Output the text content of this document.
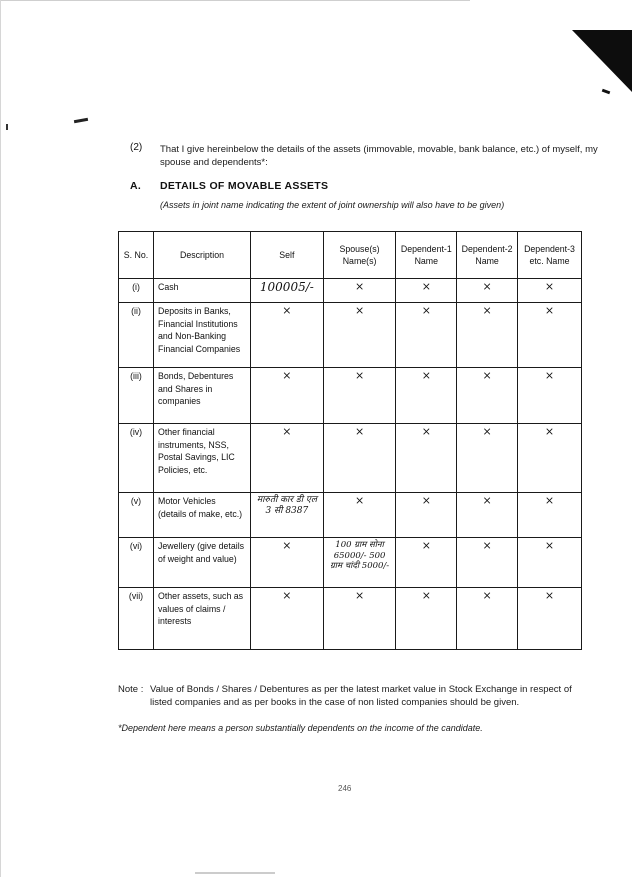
(2) That I give hereinbelow the details of the assets (immovable, movable, bank balance, etc.) of myself, my spouse and dependents*:
A. DETAILS OF MOVABLE ASSETS
(Assets in joint name indicating the extent of joint ownership will also have to be given)
S. No.	Description	Self	Spouse(s) Name(s)	Dependent-1 Name	Dependent-2 Name	Dependent-3 etc. Name
(i)	Cash	100005/-	×	×	×	×
(ii)	Deposits in Banks, Financial Institutions and Non-Banking Financial Companies	×	×	×	×	×
(iii)	Bonds, Debentures and Shares in companies	×	×	×	×	×
(iv)	Other financial instruments, NSS, Postal Savings, LIC Policies, etc.	×	×	×	×	×
(v)	Motor Vehicles (details of make, etc.)	मारुती कार डी एल 3 सी 8387	×	×	×	×
(vi)	Jewellery (give details of weight and value)	×	100 ग्राम सोना 65000/- 500 ग्राम चांदी 5000/-	×	×	×
(vii)	Other assets, such as values of claims / interests	×	×	×	×	×
Note : Value of Bonds / Shares / Debentures as per the latest market value in Stock Exchange in respect of listed companies and as per books in the case of non listed companies should be given.
*Dependent here means a person substantially dependents on the income of the candidate.
246
